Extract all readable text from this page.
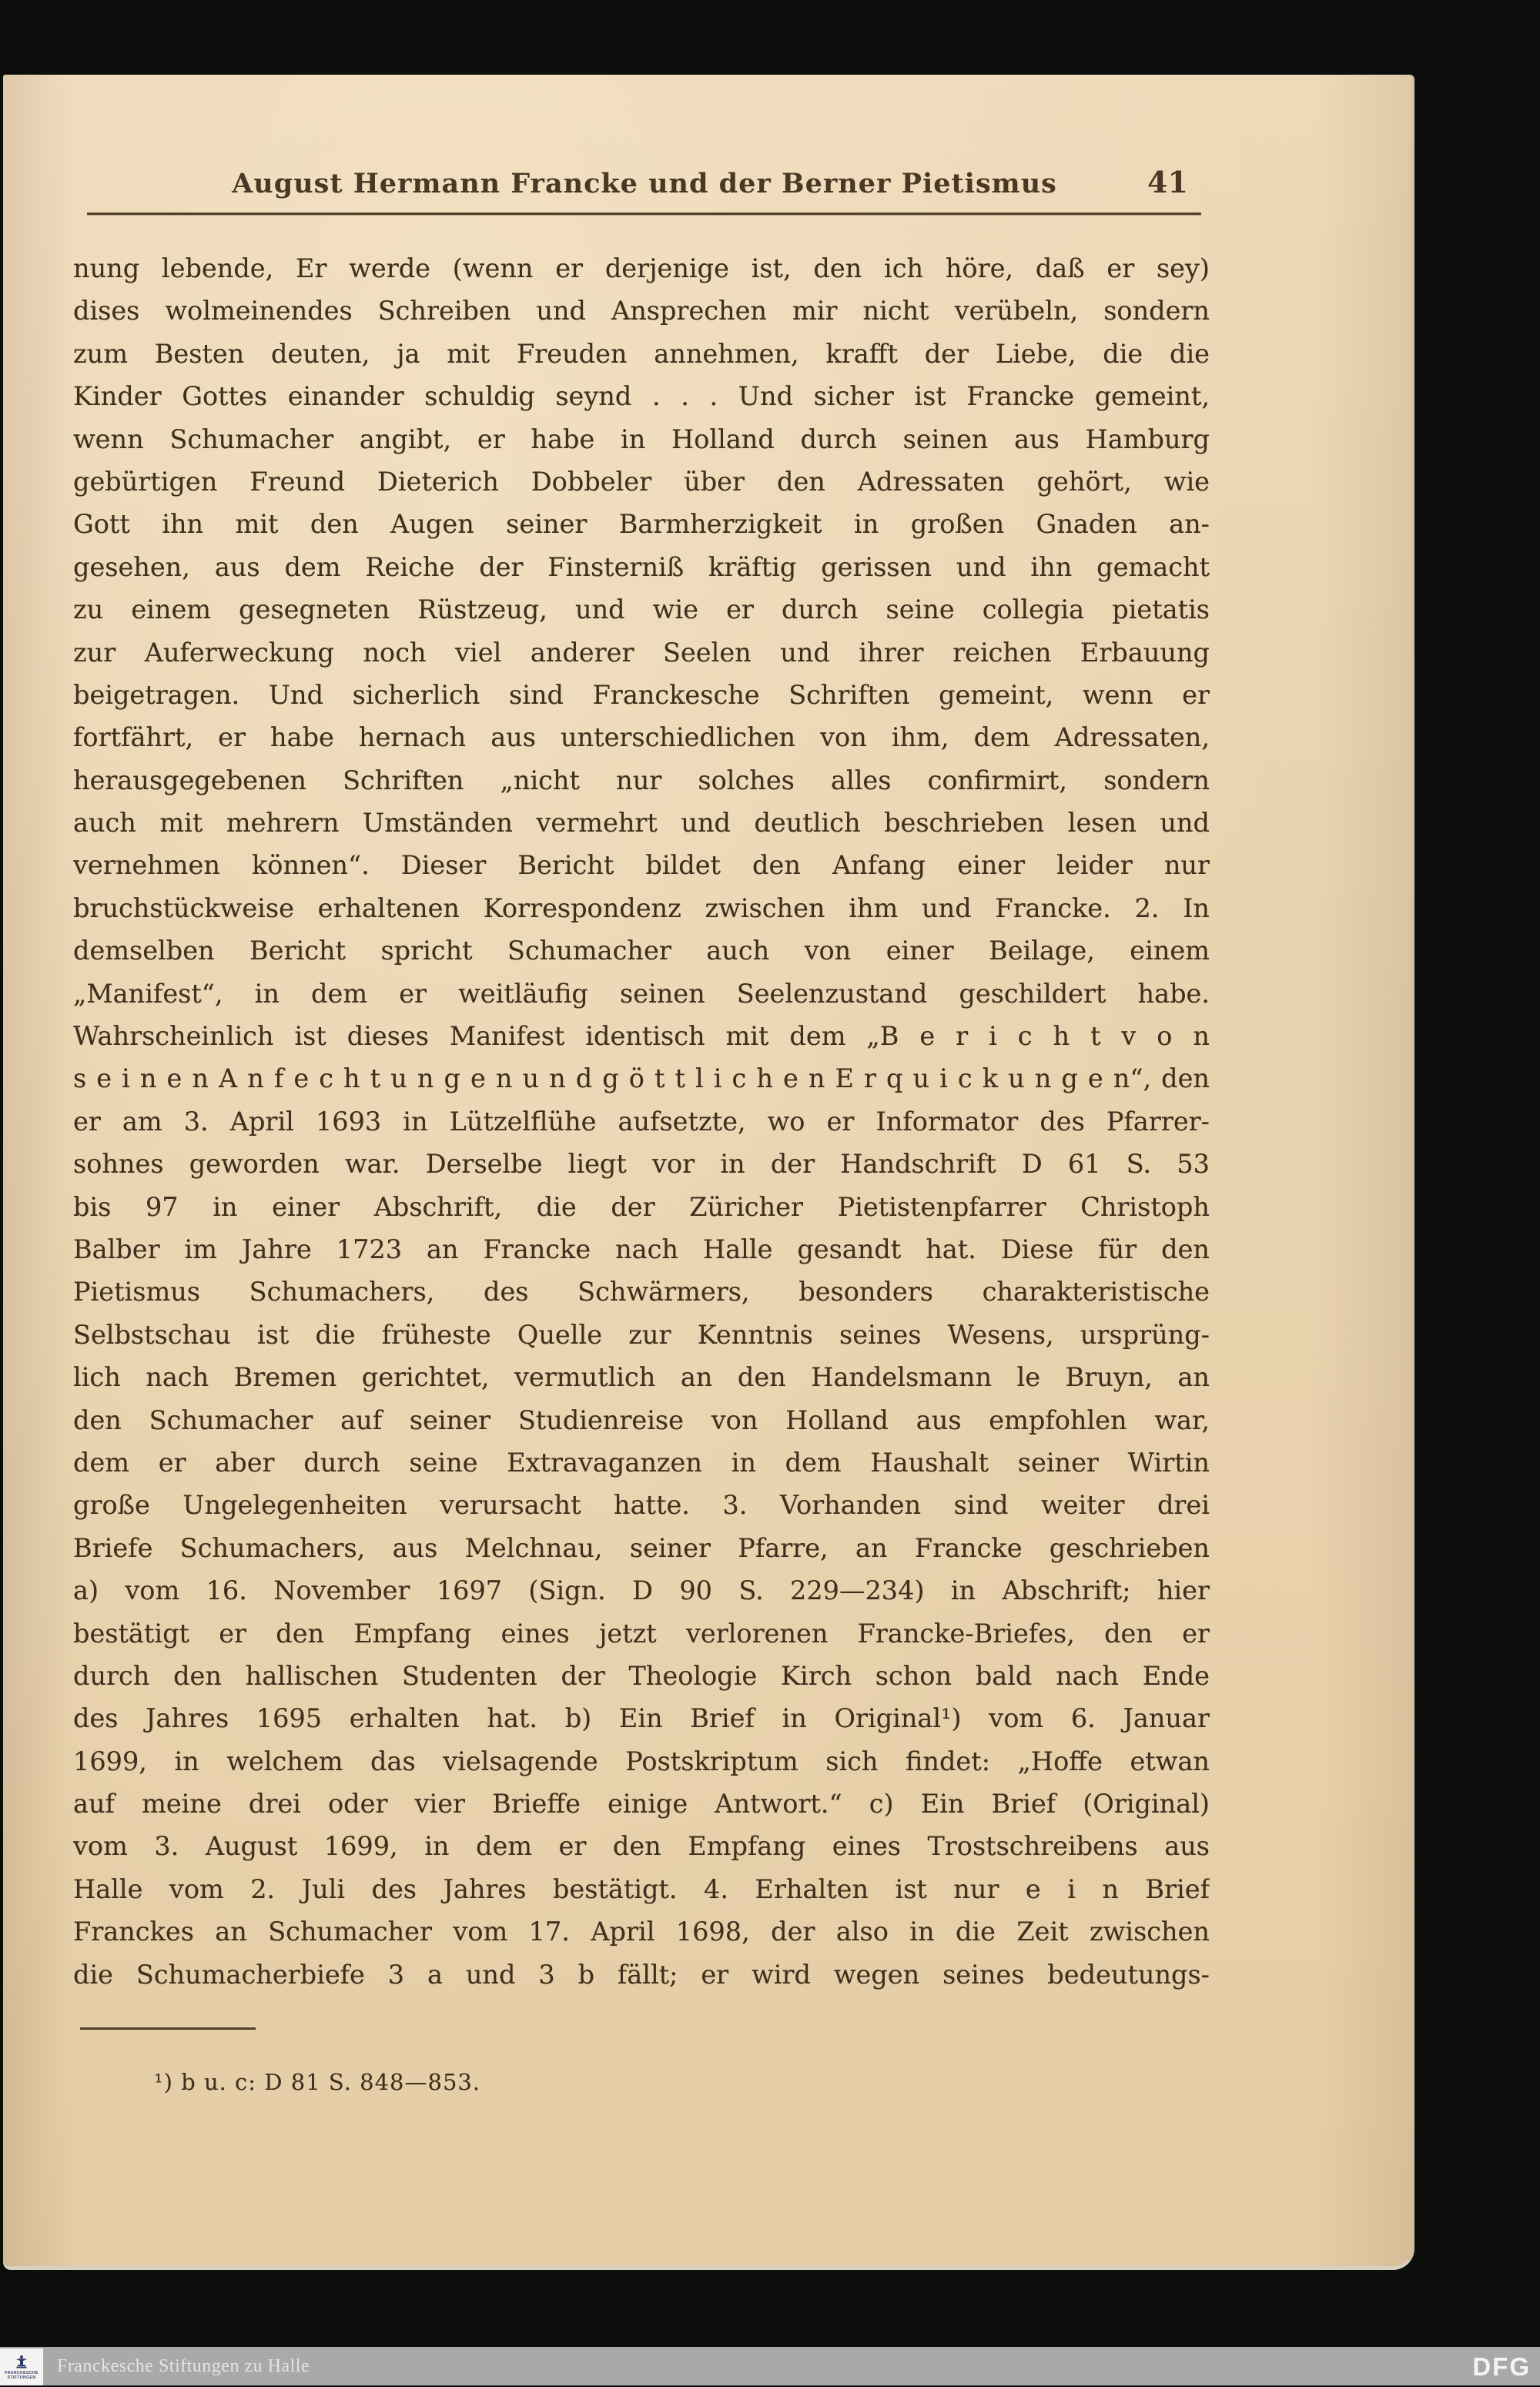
August Hermann Francke und der Berner Pietismus	41
nung lebende, Er werde (wenn er derjenige ist, den ich höre, daß er sey)
dises wolmeinendes Schreiben und Ansprechen mir nicht verübeln, sondern
zum Besten deuten, ja mit Freuden annehmen, krafft der Liebe, die die
Kinder Gottes einander schuldig seynd . . . Und sicher ist Francke gemeint,
wenn Schumacher angibt, er habe in Holland durch seinen aus Hamburg
gebürtigen Freund Dieterich Dobbeler über den Adressaten gehört, wie
Gott ihn mit den Augen seiner Barmherzigkeit in großen Gnaden an-
gesehen, aus dem Reiche der Finsterniß kräftig gerissen und ihn gemacht
zu einem gesegneten Rüstzeug, und wie er durch seine collegia pietatis
zur Auferweckung noch viel anderer Seelen und ihrer reichen Erbauung
beigetragen. Und sicherlich sind Franckesche Schriften gemeint, wenn er
fortfährt, er habe hernach aus unterschiedlichen von ihm, dem Adressaten,
herausgegebenen Schriften „nicht nur solches alles confirmirt, sondern
auch mit mehrern Umständen vermehrt und deutlich beschrieben lesen und
vernehmen können“. Dieser Bericht bildet den Anfang einer leider nur
bruchstückweise erhaltenen Korrespondenz zwischen ihm und Francke. 2. In
demselben Bericht spricht Schumacher auch von einer Beilage, einem
„Manifest“, in dem er weitläufig seinen Seelenzustand geschildert habe.
Wahrscheinlich ist dieses Manifest identisch mit dem „B e r i c h t v o n
s e i n e n A n f e c h t u n g e n u n d g ö t t l i c h e n E r q u i c k u n g e n“, den
er am 3. April 1693 in Lützelflühe aufsetzte, wo er Informator des Pfarrer-
sohnes geworden war. Derselbe liegt vor in der Handschrift D 61 S. 53
bis 97 in einer Abschrift, die der Züricher Pietistenpfarrer Christoph
Balber im Jahre 1723 an Francke nach Halle gesandt hat. Diese für den
Pietismus Schumachers, des Schwärmers, besonders charakteristische
Selbstschau ist die früheste Quelle zur Kenntnis seines Wesens, ursprüng-
lich nach Bremen gerichtet, vermutlich an den Handelsmann le Bruyn, an
den Schumacher auf seiner Studienreise von Holland aus empfohlen war,
dem er aber durch seine Extravaganzen in dem Haushalt seiner Wirtin
große Ungelegenheiten verursacht hatte. 3. Vorhanden sind weiter drei
Briefe Schumachers, aus Melchnau, seiner Pfarre, an Francke geschrieben
a) vom 16. November 1697 (Sign. D 90 S. 229—234) in Abschrift; hier
bestätigt er den Empfang eines jetzt verlorenen Francke-Briefes, den er
durch den hallischen Studenten der Theologie Kirch schon bald nach Ende
des Jahres 1695 erhalten hat. b) Ein Brief in Original¹) vom 6. Januar
1699, in welchem das vielsagende Postskriptum sich findet: „Hoffe etwan
auf meine drei oder vier Brieffe einige Antwort.“ c) Ein Brief (Original)
vom 3. August 1699, in dem er den Empfang eines Trostschreibens aus
Halle vom 2. Juli des Jahres bestätigt. 4. Erhalten ist nur e i n Brief
Franckes an Schumacher vom 17. April 1698, der also in die Zeit zwischen
die Schumacherbiefe 3 a und 3 b fällt; er wird wegen seines bedeutungs-
¹) b u. c: D 81 S. 848—853.
FRANCKESCHE
STIFTUNGEN
Franckesche Stiftungen zu Halle	DFG
